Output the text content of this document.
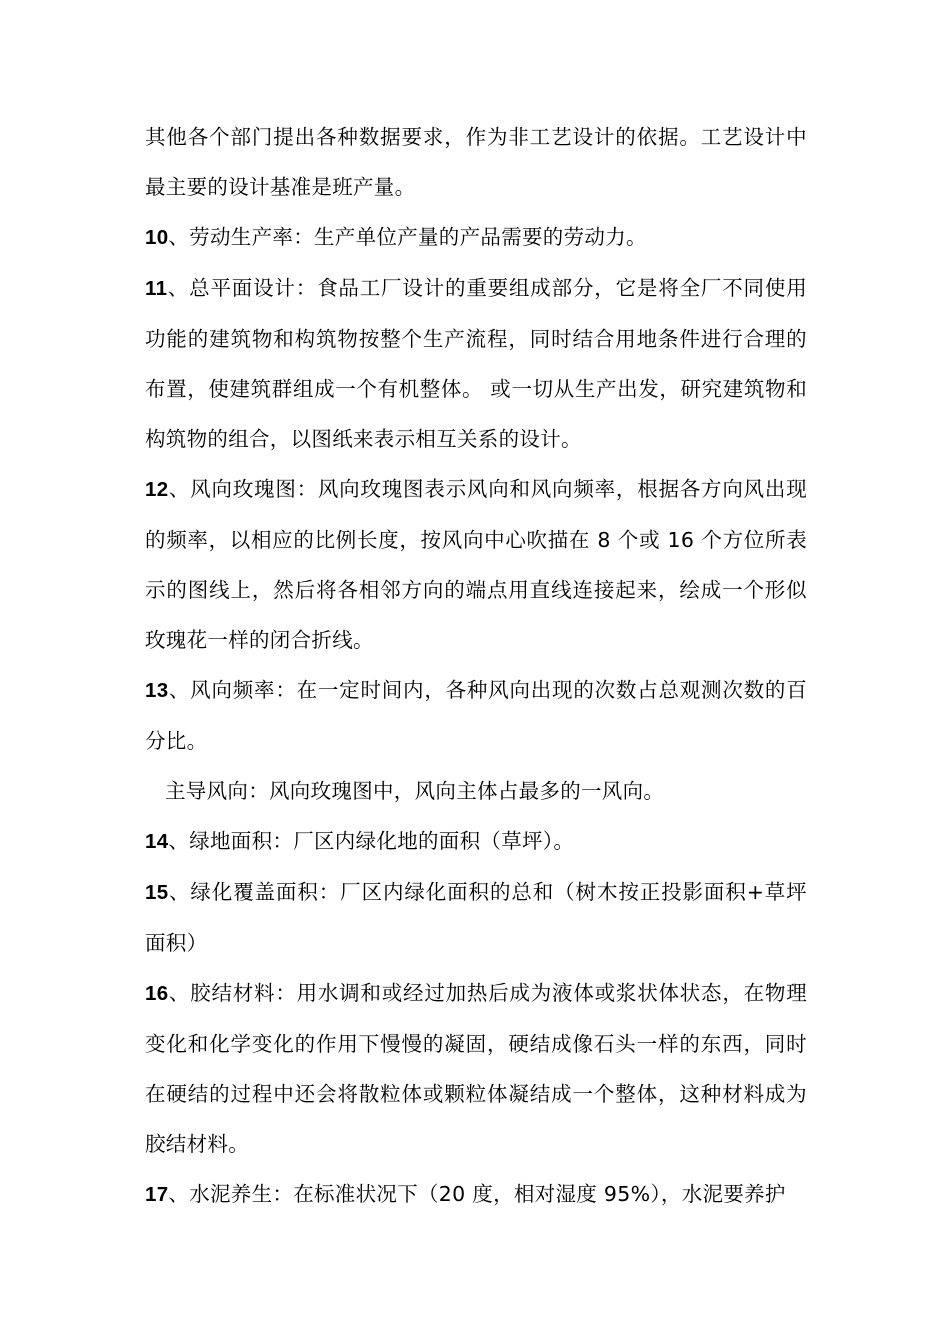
其他各个部门提出各种数据要求，作为非工艺设计的依据。工艺设计中最主要的设计基准是班产量。

10、劳动生产率：生产单位产量的产品需要的劳动力。

11、总平面设计：食品工厂设计的重要组成部分，它是将全厂不同使用功能的建筑物和构筑物按整个生产流程，同时结合用地条件进行合理的布置，使建筑群组成一个有机整体。 或一切从生产出发，研究建筑物和构筑物的组合，以图纸来表示相互关系的设计。

12、风向玫瑰图：风向玫瑰图表示风向和风向频率，根据各方向风出现的频率，以相应的比例长度，按风向中心吹描在 8 个或 16 个方位所表示的图线上，然后将各相邻方向的端点用直线连接起来，绘成一个形似玫瑰花一样的闭合折线。

13、风向频率：在一定时间内，各种风向出现的次数占总观测次数的百分比。

主导风向：风向玫瑰图中，风向主体占最多的一风向。

14、绿地面积：厂区内绿化地的面积（草坪）。

15、绿化覆盖面积：厂区内绿化面积的总和（树木按正投影面积+草坪面积）

16、胶结材料：用水调和或经过加热后成为液体或浆状体状态，在物理变化和化学变化的作用下慢慢的凝固，硬结成像石头一样的东西，同时在硬结的过程中还会将散粒体或颗粒体凝结成一个整体，这种材料成为胶结材料。

17、水泥养生：在标准状况下（20 度，相对湿度 95%），水泥要养护
